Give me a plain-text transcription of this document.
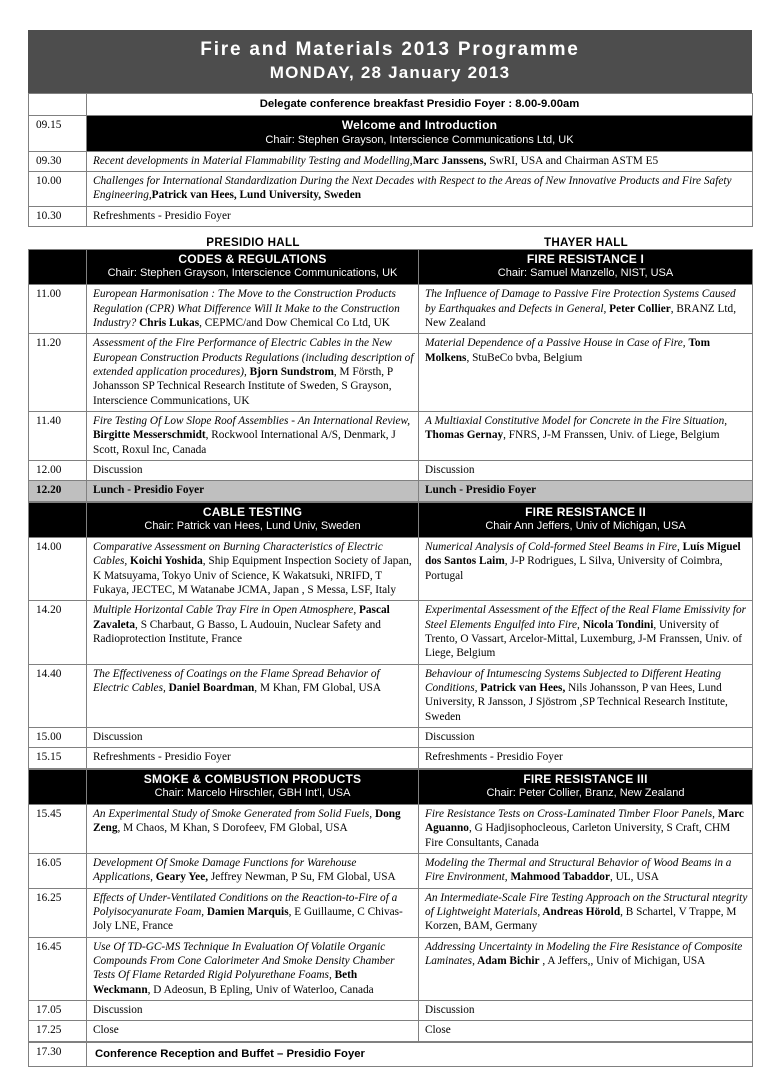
Fire and Materials 2013 Programme
MONDAY, 28 January 2013
	Delegate conference breakfast Presidio Foyer : 8.00-9.00am
09.15	Welcome and Introduction
Chair: Stephen Grayson, Interscience Communications Ltd, UK

09.30	Recent developments in Material Flammability Testing and Modelling,Marc Janssens, SwRI, USA and Chairman ASTM E5
10.00	Challenges for International Standardization During the Next Decades with Respect to the Areas of New Innovative Products and Fire Safety Engineering,Patrick van Hees, Lund University, Sweden
10.30	Refreshments - Presidio Foyer
PRESIDIO HALL	THAYER HALL

CODES & REGULATIONS
Chair: Stephen Grayson, Interscience Communications, UK

FIRE RESISTANCE I
Chair: Samuel Manzello, NIST, USA

11.00	European Harmonisation : The Move to the Construction Products Regulation (CPR) What Difference Will It Make to the Construction Industry? Chris Lukas, CEPMC/and Dow Chemical Co Ltd, UK	The Influence of Damage to Passive Fire Protection Systems Caused by Earthquakes and Defects in General, Peter Collier, BRANZ Ltd, New Zealand
11.20	Assessment of the Fire Performance of Electric Cables in the New European Construction Products Regulations (including description of extended application procedures), Bjorn Sundstrom, M Försth, P Johansson SP Technical Research Institute of Sweden, S Grayson, Interscience Communications, UK	Material Dependence of a Passive House in Case of Fire, Tom Molkens, StuBeCo bvba, Belgium
11.40	Fire Testing Of Low Slope Roof Assemblies - An International Review, Birgitte Messerschmidt, Rockwool International A/S, Denmark, J Scott, Roxul Inc, Canada	A Multiaxial Constitutive Model for Concrete in the Fire Situation, Thomas Gernay, FNRS, J-M Franssen, Univ. of Liege, Belgium
12.00	Discussion	Discussion
12.20	Lunch - Presidio Foyer	Lunch - Presidio Foyer

CABLE TESTING
Chair: Patrick van Hees, Lund Univ, Sweden

FIRE RESISTANCE II
Chair Ann Jeffers, Univ of Michigan, USA

14.00	Comparative Assessment on Burning Characteristics of Electric Cables, Koichi Yoshida, Ship Equipment Inspection Society of Japan, K Matsuyama, Tokyo Univ of Science, K Wakatsuki, NRIFD, T Fukaya, JECTEC, M Watanabe JCMA, Japan , S Messa, LSF, Italy	Numerical Analysis of Cold-formed Steel Beams in Fire, Luís Miguel dos Santos Laim, J-P Rodrigues, L Silva, University of Coimbra, Portugal
14.20	Multiple Horizontal Cable Tray Fire in Open Atmosphere, Pascal Zavaleta, S Charbaut, G Basso, L Audouin, Nuclear Safety and Radioprotection Institute, France	Experimental Assessment of the Effect of the Real Flame Emissivity for Steel Elements Engulfed into Fire, Nicola Tondini, University of Trento, O Vassart, Arcelor-Mittal, Luxemburg, J-M Franssen, Univ. of Liege, Belgium
14.40	The Effectiveness of Coatings on the Flame Spread Behavior of Electric Cables, Daniel Boardman, M Khan, FM Global, USA	Behaviour of Intumescing Systems Subjected to Different Heating Conditions, Patrick van Hees, Nils Johansson, P van Hees, Lund University, R Jansson, J Sjöstrom ,SP Technical Research Institute, Sweden
15.00	Discussion	Discussion
15.15	Refreshments - Presidio Foyer	Refreshments - Presidio Foyer

SMOKE & COMBUSTION PRODUCTS
Chair: Marcelo Hirschler, GBH Int'l, USA

FIRE RESISTANCE III
Chair: Peter Collier, Branz, New Zealand

15.45	An Experimental Study of Smoke Generated from Solid Fuels, Dong Zeng, M Chaos, M Khan, S Dorofeev, FM Global, USA	Fire Resistance Tests on Cross-Laminated Timber Floor Panels, Marc Aguanno, G Hadjisophocleous, Carleton University, S Craft, CHM Fire Consultants, Canada
16.05	Development Of Smoke Damage Functions for Warehouse Applications, Geary Yee, Jeffrey Newman, P Su, FM Global, USA	Modeling the Thermal and Structural Behavior of Wood Beams in a Fire Environment, Mahmood Tabaddor, UL, USA
16.25	Effects of Under-Ventilated Conditions on the Reaction-to-Fire of a Polyisocyanurate Foam, Damien Marquis, E Guillaume, C Chivas-Joly LNE, France	An Intermediate-Scale Fire Testing Approach on the Structural ntegrity of Lightweight Materials, Andreas Hörold, B Schartel, V Trappe, M Korzen, BAM, Germany
16.45	Use Of TD-GC-MS Technique In Evaluation Of Volatile Organic Compounds From Cone Calorimeter And Smoke Density Chamber Tests Of Flame Retarded Rigid Polyurethane Foams, Beth Weckmann, D Adeosun, B Epling, Univ of Waterloo, Canada	Addressing Uncertainty in Modeling the Fire Resistance of Composite Laminates, Adam Bichir , A Jeffers,, Univ of Michigan, USA
17.05	Discussion	Discussion
17.25	Close	Close
17.30	Conference Reception and Buffet – Presidio Foyer
